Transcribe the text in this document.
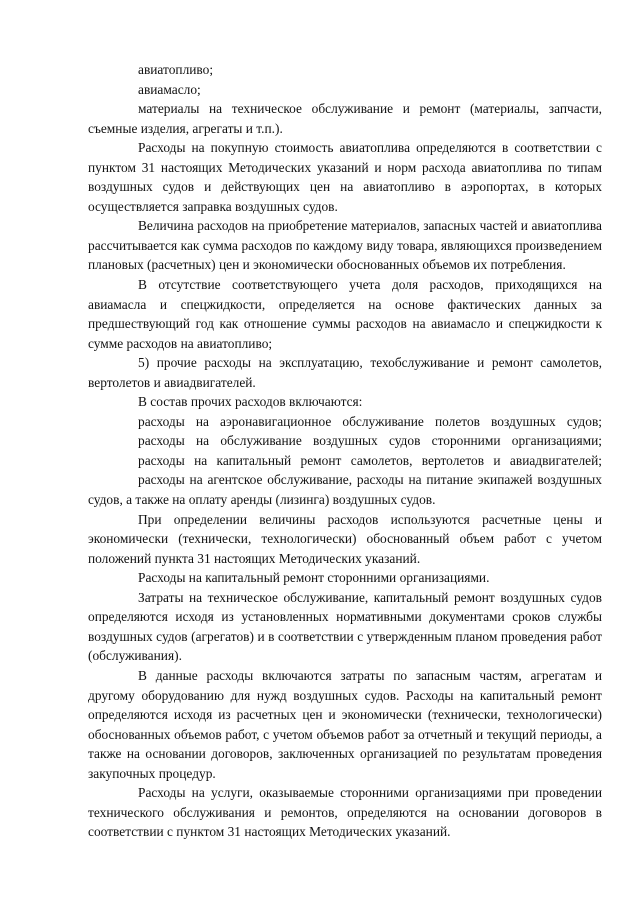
авиатопливо;

авиамасло;

материалы на техническое обслуживание и ремонт (материалы, запчасти, съемные изделия, агрегаты и т.п.).

Расходы на покупную стоимость авиатоплива определяются в соответствии с пунктом 31 настоящих Методических указаний и норм расхода авиатоплива по типам воздушных судов и действующих цен на авиатопливо в аэропортах, в которых осуществляется заправка воздушных судов.

Величина расходов на приобретение материалов, запасных частей и авиатоплива рассчитывается как сумма расходов по каждому виду товара, являющихся произведением плановых (расчетных) цен и экономически обоснованных объемов их потребления.

В отсутствие соответствующего учета доля расходов, приходящихся на авиамасла и спецжидкости, определяется на основе фактических данных за предшествующий год как отношение суммы расходов на авиамасло и спецжидкости к сумме расходов на авиатопливо;

5) прочие расходы на эксплуатацию, техобслуживание и ремонт самолетов, вертолетов и авиадвигателей.

В состав прочих расходов включаются:

расходы на аэронавигационное обслуживание полетов воздушных судов;

расходы на обслуживание воздушных судов сторонними организациями;

расходы на капитальный ремонт самолетов, вертолетов и авиадвигателей;

расходы на агентское обслуживание, расходы на питание экипажей воздушных судов, а также на оплату аренды (лизинга) воздушных судов.

При определении величины расходов используются расчетные цены и экономически (технически, технологически) обоснованный объем работ с учетом положений пункта 31 настоящих Методических указаний.

Расходы на капитальный ремонт сторонними организациями.

Затраты на техническое обслуживание, капитальный ремонт воздушных судов определяются исходя из установленных нормативными документами сроков службы воздушных судов (агрегатов) и в соответствии с утвержденным планом проведения работ (обслуживания).

В данные расходы включаются затраты по запасным частям, агрегатам и другому оборудованию для нужд воздушных судов. Расходы на капитальный ремонт определяются исходя из расчетных цен и экономически (технически, технологически) обоснованных объемов работ, с учетом объемов работ за отчетный и текущий периоды, а также на основании договоров, заключенных организацией по результатам проведения закупочных процедур.

Расходы на услуги, оказываемые сторонними организациями при проведении технического обслуживания и ремонтов, определяются на основании договоров в соответствии с пунктом 31 настоящих Методических указаний.
